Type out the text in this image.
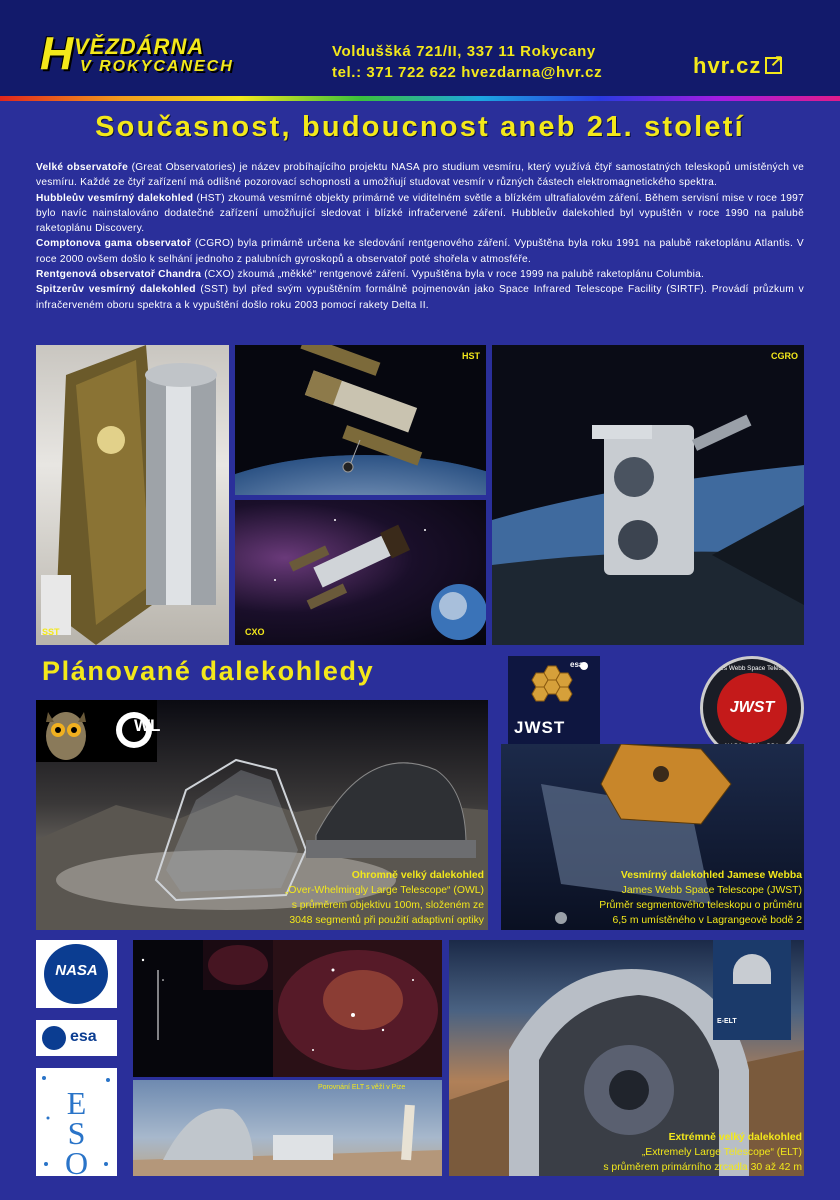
H VĚZDÁRNA
V ROKYCANECH
Volduššká 721/II, 337 11 Rokycany
tel.: 371 722 622 hvezdarna@hvr.cz	hvr.cz↗
Současnost, budoucnost aneb 21. století

Velké observatoře (Great Observatories) je název probíhajícího projektu NASA pro studium vesmíru, který využívá čtyř samostatných teleskopů umístěných ve vesmíru. Každé ze čtyř zařízení má odlišné pozorovací schopnosti a umožňují studovat vesmír v různých částech elektromagnetického spektra.

Hubbleův vesmírný dalekohled (HST) zkoumá vesmírné objekty primárně ve viditelném světle a blízkém ultrafialovém záření. Během servisní mise v roce 1997 bylo navíc nainstalováno dodatečné zařízení umožňující sledovat i blízké infračervené záření. Hubbleův dalekohled byl vypuštěn v roce 1990 na palubě raketoplánu Discovery.

Comptonova gama observatoř (CGRO) byla primárně určena ke sledování rentgenového záření. Vypuštěna byla roku 1991 na palubě raketoplánu Atlantis. V roce 2000 ovšem došlo k selhání jednoho z palubních gyroskopů a observatoř poté shořela v atmosféře.

Rentgenová observatoř Chandra (CXO) zkoumá „měkké“ rentgenové záření. Vypuštěna byla v roce 1999 na palubě raketoplánu Columbia.

Spitzerův vesmírný dalekohled (SST) byl před svým vypuštěním formálně pojmenován jako Space Infrared Telescope Facility (SIRTF). Provádí průzkum v infračerveném oboru spektra a k vypuštění došlo roku 2003 pomocí rakety Delta II.

SST
HST
CXO
CGRO
Plánované dalekohledy	esa
JWST
James Webb Space Telescope
JWST
WL
Ohromně velký dalekohled
„Over-Whelmingly Large Telescope“ (OWL)
s průměrem objektivu 100m, složeném ze
3048 segmentů při použití adaptivní optiky
Vesmírný dalekohled Jamese Webba
James Webb Space Telescope (JWST)
Průměr segmentového teleskopu o průměru
6,5 m umístěného v Lagrangeově bodě 2
NASA
esa
ESO
Porovnání ELT s věží v Pize
E-ELT
Extrémně velký dalekohled
„Extremely Large Telescope“ (ELT)
s průměrem primárního zrcadla 30 až 42 m
